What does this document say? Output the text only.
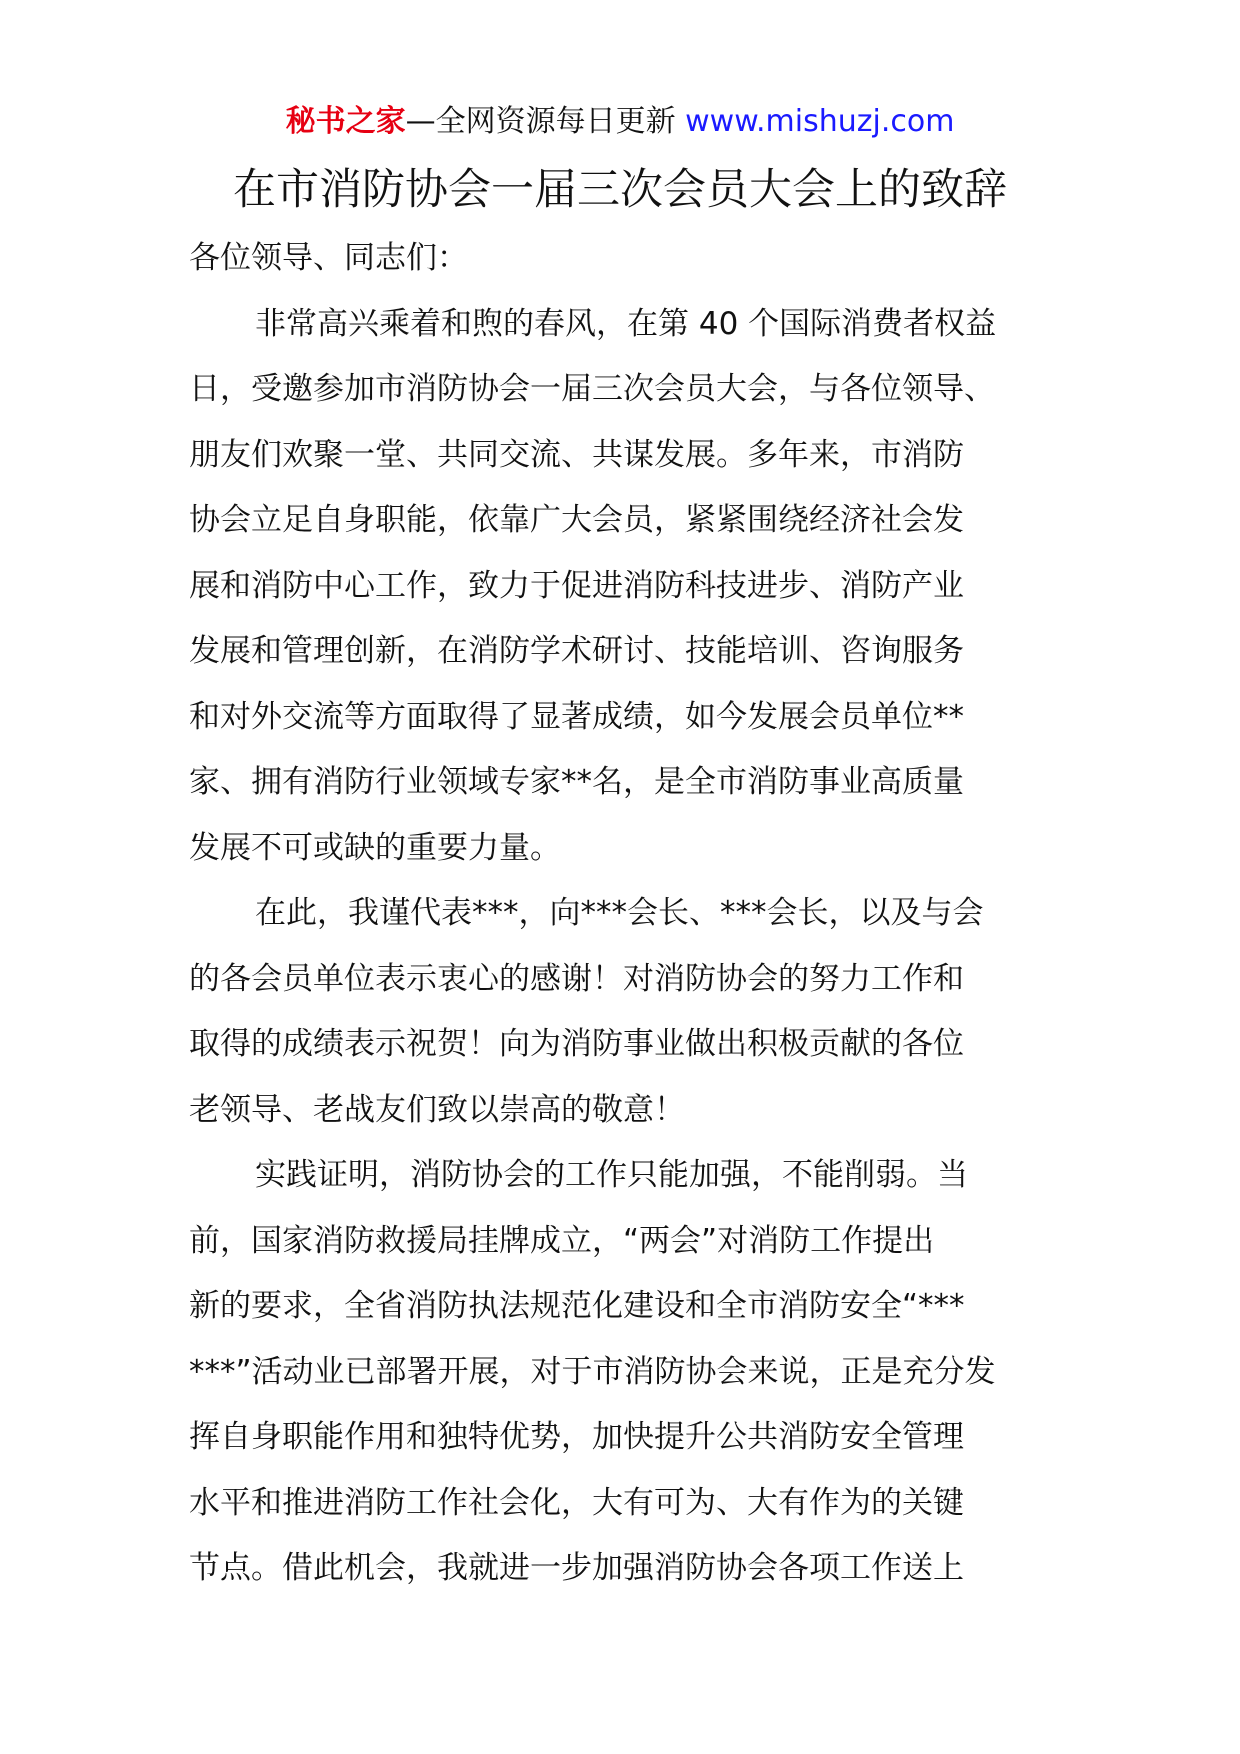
秘书之家—全网资源每日更新 www.mishuzj.com
在市消防协会一届三次会员大会上的致辞
各位领导、同志们：
非常高兴乘着和煦的春风，在第 40 个国际消费者权益
日，受邀参加市消防协会一届三次会员大会，与各位领导、
朋友们欢聚一堂、共同交流、共谋发展。多年来，市消防
协会立足自身职能，依靠广大会员，紧紧围绕经济社会发
展和消防中心工作，致力于促进消防科技进步、消防产业
发展和管理创新，在消防学术研讨、技能培训、咨询服务
和对外交流等方面取得了显著成绩，如今发展会员单位**
家、拥有消防行业领域专家**名，是全市消防事业高质量
发展不可或缺的重要力量。
在此，我谨代表***，向***会长、***会长，以及与会
的各会员单位表示衷心的感谢！对消防协会的努力工作和
取得的成绩表示祝贺！向为消防事业做出积极贡献的各位
老领导、老战友们致以崇高的敬意！
实践证明，消防协会的工作只能加强，不能削弱。当
前，国家消防救援局挂牌成立，“两会”对消防工作提出
新的要求，全省消防执法规范化建设和全市消防安全“***
***”活动业已部署开展，对于市消防协会来说，正是充分发
挥自身职能作用和独特优势，加快提升公共消防安全管理
水平和推进消防工作社会化，大有可为、大有作为的关键
节点。借此机会，我就进一步加强消防协会各项工作送上
